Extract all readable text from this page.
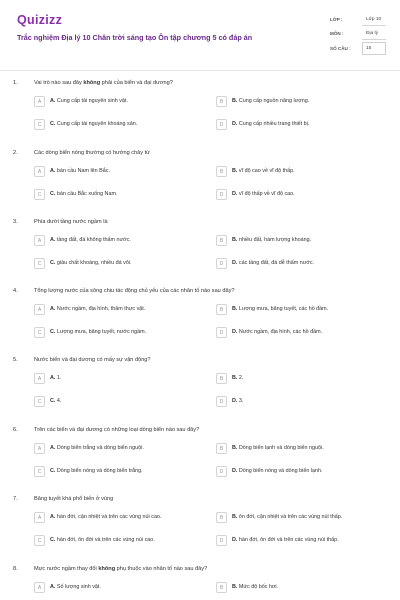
Quizizz
Trắc nghiệm Địa lý 10 Chân trời sáng tạo Ôn tập chương 5 có đáp án
LỚP :	Lớp 10
MÔN :	Địa lý
SỐ CÂU :	15
1.	Vai trò nào sau đây không phải của biển và đại dương?
A	A. Cung cấp tài nguyên sinh vật.	B	B. Cung cấp nguồn năng lượng.
C	C. Cung cấp tài nguyên khoáng sản.	D	D. Cung cấp nhiều trang thiết bị.
2.	Các dòng biển nóng thường có hướng chảy từ
A	A. bán cầu Nam lên Bắc.	B	B. vĩ độ cao về vĩ độ thấp.
C	C. bán cầu Bắc xuống Nam.	D	D. vĩ độ thấp về vĩ độ cao.
3.	Phía dưới tầng nước ngầm là
A	A. tầng đất, đá không thấm nước.	B	B. nhiều đất, hàm lượng khoáng.
C	C. giàu chất khoáng, nhiều đá vôi.	D	D. các tầng đất, đá dễ thấm nước.
4.	Tổng lượng nước của sông chịu tác động chủ yếu của các nhân tố nào sau đây?
A	A. Nước ngầm, địa hình, thảm thực vật.	B	B. Lượng mưa, băng tuyết, các hồ đầm.
C	C. Lượng mưa, băng tuyết, nước ngầm.	D	D. Nước ngầm, địa hình, các hồ đầm.
5.	Nước biển và đại dương có mấy sự vận động?
A	A. 1.	B	B. 2.
C	C. 4.	D	D. 3.
6.	Trên các biển và đại dương có những loại dòng biển nào sau đây?
A	A. Dòng biển trắng và dòng biển nguội.	B	B. Dòng biển lạnh và dòng biển nguội.
C	C. Dòng biển nóng và dòng biển trắng.	D	D. Dòng biển nóng và dòng biển lạnh.
7.	Băng tuyết khá phổ biến ở vùng
A	A. hàn đới, cận nhiệt và trên các vùng núi cao.	B	B. ôn đới, cận nhiệt và trên các vùng núi thấp.
C	C. hàn đới, ôn đới và trên các vùng núi cao.	D	D. hàn đới, ôn đới và trên các vùng núi thấp.
8.	Mực nước ngầm thay đổi không phụ thuộc vào nhân tố nào sau đây?
A	A. Số lượng sinh vật.	B	B. Mức độ bốc hơi.
